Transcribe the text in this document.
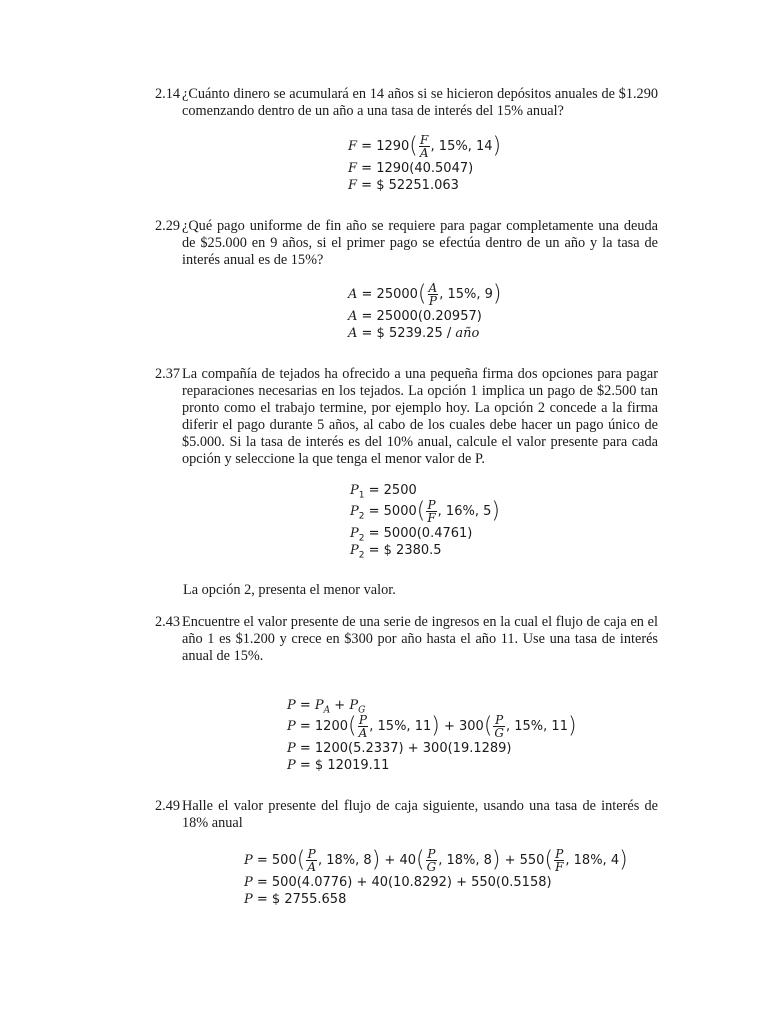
2.14 ¿Cuánto dinero se acumulará en 14 años si se hicieron depósitos anuales de $1.290 comenzando dentro de un año a una tasa de interés del 15% anual?
$F = 1290( \frac{F}{A}$ , 15%, 14)
F = 1290(40.5047)
F = $ 52251.063
2.29 ¿Qué pago uniforme de fin año se requiere para pagar completamente una deuda de $25.000 en 9 años, si el primer pago se efectúa dentro de un año y la tasa de interés anual es de 15%?
$A = 25000( \frac{A}{P}$ , 15%, 9)
A = 25000(0.20957)
A = $ 5239.25 / año
2.37 La compañía de tejados ha ofrecido a una pequeña firma dos opciones para pagar reparaciones necesarias en los tejados. La opción 1 implica un pago de $2.500 tan pronto como el trabajo termine, por ejemplo hoy. La opción 2 concede a la firma diferir el pago durante 5 años, al cabo de los cuales debe hacer un pago único de $5.000. Si la tasa de interés es del 10% anual, calcule el valor presente para cada opción y seleccione la que tenga el menor valor de P.
$P_1 = 2500$
$P_2 = 5000( \frac{P}{F}$ , 16%, 5)
$P_2 = 5000(0.4761)$
$P_2$ = $ 2380.5
La opción 2, presenta el menor valor.
2.43 Encuentre el valor presente de una serie de ingresos en la cual el flujo de caja en el año 1 es $1.200 y crece en $300 por año hasta el año 11. Use una tasa de interés anual de 15%.
$P = P_A + P_G$
$P = 1200( \frac{P}{A}$ , 15%, $11) + 300( \frac{P}{G}$ , 15%, 11)
P = 1200(5.2337) + 300(19.1289)
P = $ 12019.11
2.49 Halle el valor presente del flujo de caja siguiente, usando una tasa de interés de 18% anual
$P = 500( \frac{P}{A}$ , 18%, $8) + 40( \frac{P}{G}$ , 18%, $8) + 550( \frac{P}{F}$ , 18%, 4)
P = 500(4.0776) + 40(10.8292) + 550(0.5158)
P = $ 2755.658
